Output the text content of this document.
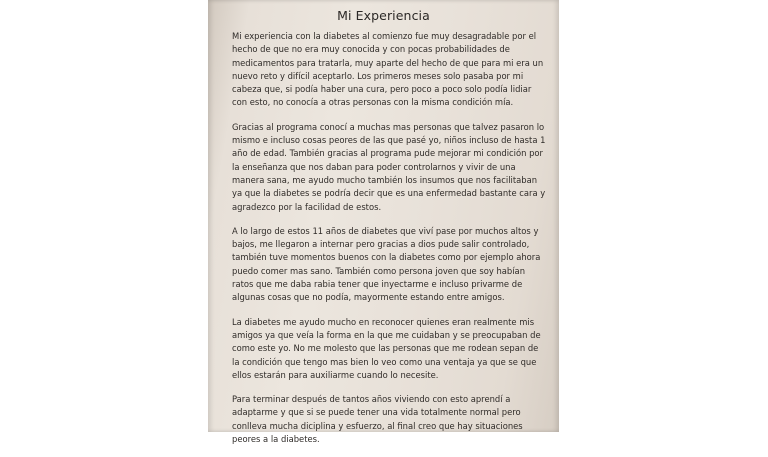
Mi Experiencia
Mi experiencia con la diabetes al comienzo fue muy desagradable por el
hecho de que no era muy conocida y con pocas probabilidades de
medicamentos para tratarla, muy aparte del hecho de que para mi era un
nuevo reto y difícil aceptarlo. Los primeros meses solo pasaba por mi
cabeza que, si podía haber una cura, pero poco a poco solo podía lidiar
con esto, no conocía a otras personas con la misma condición mía.
Gracias al programa conocí a muchas mas personas que talvez pasaron lo
mismo e incluso cosas peores de las que pasé yo, niños incluso de hasta 1
año de edad. También gracias al programa pude mejorar mi condición por
la enseñanza que nos daban para poder controlarnos y vivir de una
manera sana, me ayudo mucho también los insumos que nos facilitaban
ya que la diabetes se podría decir que es una enfermedad bastante cara y
agradezco por la facilidad de estos.
A lo largo de estos 11 años de diabetes que viví pase por muchos altos y
bajos, me llegaron a internar pero gracias a dios pude salir controlado,
también tuve momentos buenos con la diabetes como por ejemplo ahora
puedo comer mas sano. También como persona joven que soy habían
ratos que me daba rabia tener que inyectarme e incluso privarme de
algunas cosas que no podía, mayormente estando entre amigos.
La diabetes me ayudo mucho en reconocer quienes eran realmente mis
amigos ya que veía la forma en la que me cuidaban y se preocupaban de
como este yo. No me molesto que las personas que me rodean sepan de
la condición que tengo mas bien lo veo como una ventaja ya que se que
ellos estarán para auxiliarme cuando lo necesite.
Para terminar después de tantos años viviendo con esto aprendí a
adaptarme y que si se puede tener una vida totalmente normal pero
conlleva mucha diciplina y esfuerzo, al final creo que hay situaciones
peores a la diabetes.
